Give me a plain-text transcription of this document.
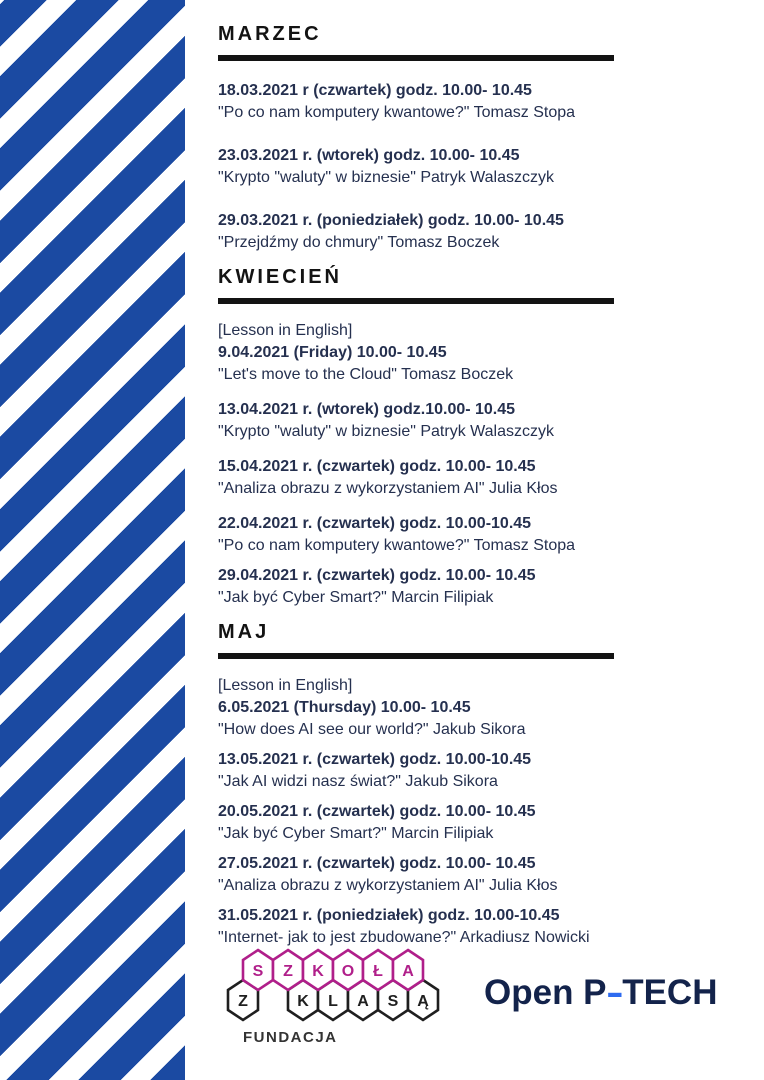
MARZEC
18.03.2021 r (czwartek) godz. 10.00- 10.45
"Po co nam komputery kwantowe?" Tomasz Stopa
23.03.2021 r. (wtorek) godz. 10.00- 10.45
"Krypto "waluty" w biznesie" Patryk Walaszczyk
29.03.2021 r. (poniedziałek) godz. 10.00- 10.45
"Przejdźmy do chmury" Tomasz Boczek
KWIECIEŃ
[Lesson in English]
9.04.2021 (Friday) 10.00- 10.45
"Let's move to the Cloud" Tomasz Boczek
13.04.2021 r. (wtorek) godz.10.00- 10.45
"Krypto "waluty" w biznesie" Patryk Walaszczyk
15.04.2021 r. (czwartek) godz. 10.00- 10.45
"Analiza obrazu z wykorzystaniem AI" Julia Kłos
22.04.2021 r. (czwartek) godz. 10.00-10.45
"Po co nam komputery kwantowe?" Tomasz Stopa
29.04.2021 r. (czwartek) godz. 10.00- 10.45
"Jak być Cyber Smart?" Marcin Filipiak
MAJ
[Lesson in English]
6.05.2021 (Thursday) 10.00- 10.45
"How does AI see our world?" Jakub Sikora
13.05.2021 r. (czwartek) godz. 10.00-10.45
"Jak AI widzi nasz świat?" Jakub Sikora
20.05.2021 r. (czwartek) godz. 10.00- 10.45
"Jak być Cyber Smart?" Marcin Filipiak
27.05.2021 r. (czwartek) godz. 10.00- 10.45
"Analiza obrazu z wykorzystaniem AI" Julia Kłos
31.05.2021 r. (poniedziałek) godz. 10.00-10.45
"Internet- jak to jest zbudowane?" Arkadiusz Nowicki
Z	K L A S Ą
S Z K O Ł A
FUNDACJA
Open P-TECH
